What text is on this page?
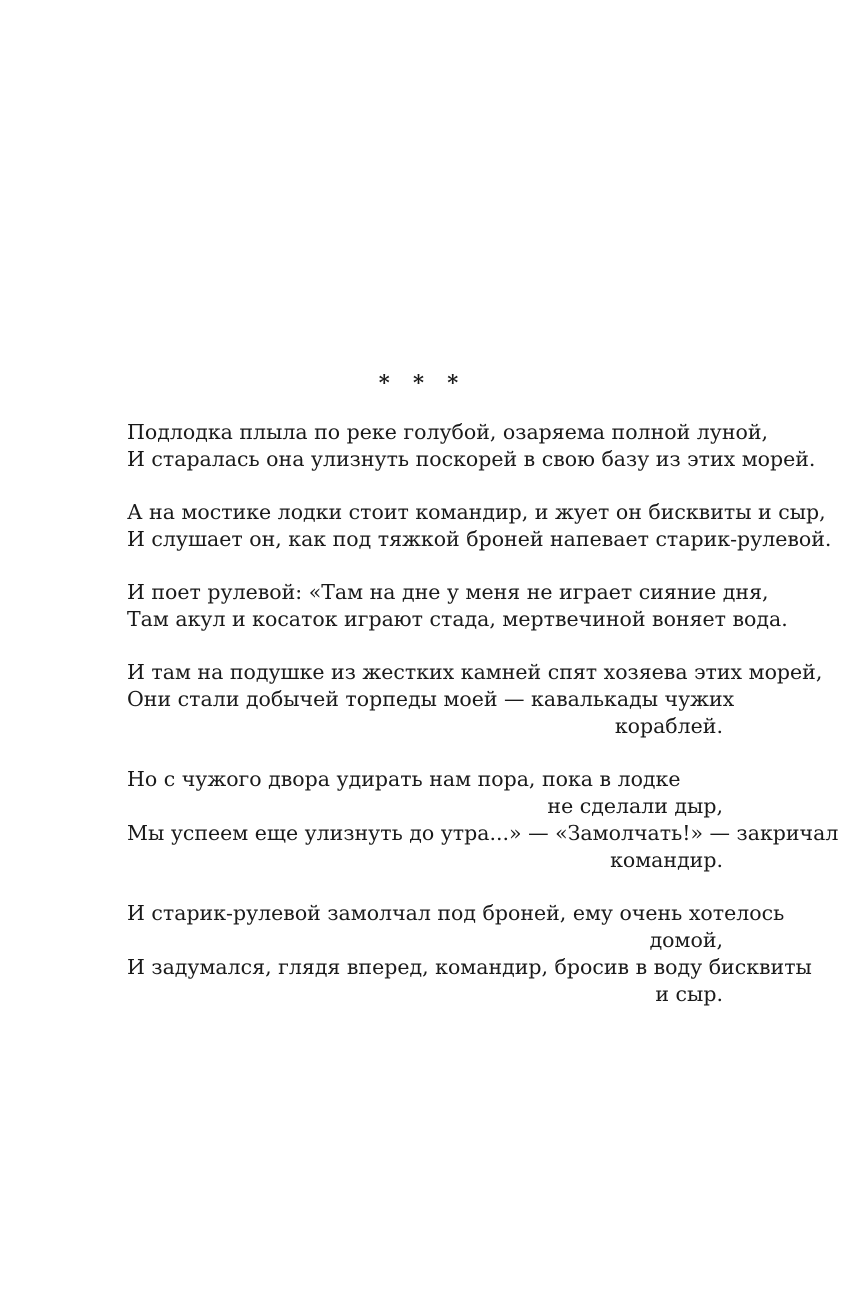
* * *
Подлодка плыла по реке голубой, озаряема полной луной,
И старалась она улизнуть поскорей в свою базу из этих морей.
А на мостике лодки стоит командир, и жует он бисквиты и сыр,
И слушает он, как под тяжкой броней напевает старик-рулевой.
И поет рулевой: «Там на дне у меня не играет сияние дня,
Там акул и косаток играют стада, мертвечиной воняет вода.
И там на подушке из жестких камней спят хозяева этих морей,
Они стали добычей торпеды моей — кавалькады чужих
кораблей.
Но с чужого двора удирать нам пора, пока в лодке
не сделали дыр,
Мы успеем еще улизнуть до утра...» — «Замолчать!» — закричал
командир.
И старик-рулевой замолчал под броней, ему очень хотелось
домой,
И задумался, глядя вперед, командир, бросив в воду бисквиты
и сыр.
